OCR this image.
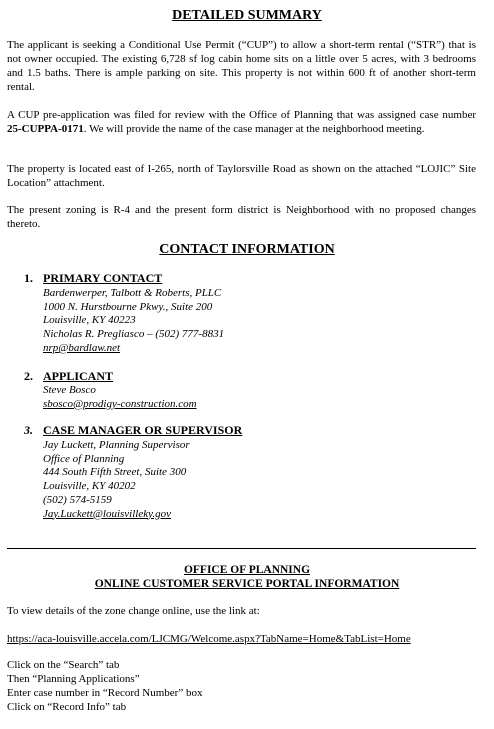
DETAILED SUMMARY
The applicant is seeking a Conditional Use Permit (“CUP”) to allow a short-term rental (“STR”) that is not owner occupied. The existing 6,728 sf log cabin home sits on a little over 5 acres, with 3 bedrooms and 1.5 baths. There is ample parking on site. This property is not within 600 ft of another short-term rental.
A CUP pre-application was filed for review with the Office of Planning that was assigned case number 25-CUPPA-0171. We will provide the name of the case manager at the neighborhood meeting.
The property is located east of I-265, north of Taylorsville Road as shown on the attached “LOJIC” Site Location” attachment.
The present zoning is R-4 and the present form district is Neighborhood with no proposed changes thereto.
CONTACT INFORMATION
1. PRIMARY CONTACT
Bardenwerper, Talbott & Roberts, PLLC
1000 N. Hurstbourne Pkwy., Suite 200
Louisville, KY 40223
Nicholas R. Pregliasco – (502) 777-8831
nrp@bardlaw.net
2. APPLICANT
Steve Bosco
sbosco@prodigy-construction.com
3. CASE MANAGER OR SUPERVISOR
Jay Luckett, Planning Supervisor
Office of Planning
444 South Fifth Street, Suite 300
Louisville, KY 40202
(502) 574-5159
Jay.Luckett@louisvilleky.gov
OFFICE OF PLANNING
ONLINE CUSTOMER SERVICE PORTAL INFORMATION
To view details of the zone change online, use the link at:
https://aca-louisville.accela.com/LJCMG/Welcome.aspx?TabName=Home&TabList=Home
Click on the “Search” tab
Then “Planning Applications”
Enter case number in “Record Number” box
Click on “Record Info” tab
